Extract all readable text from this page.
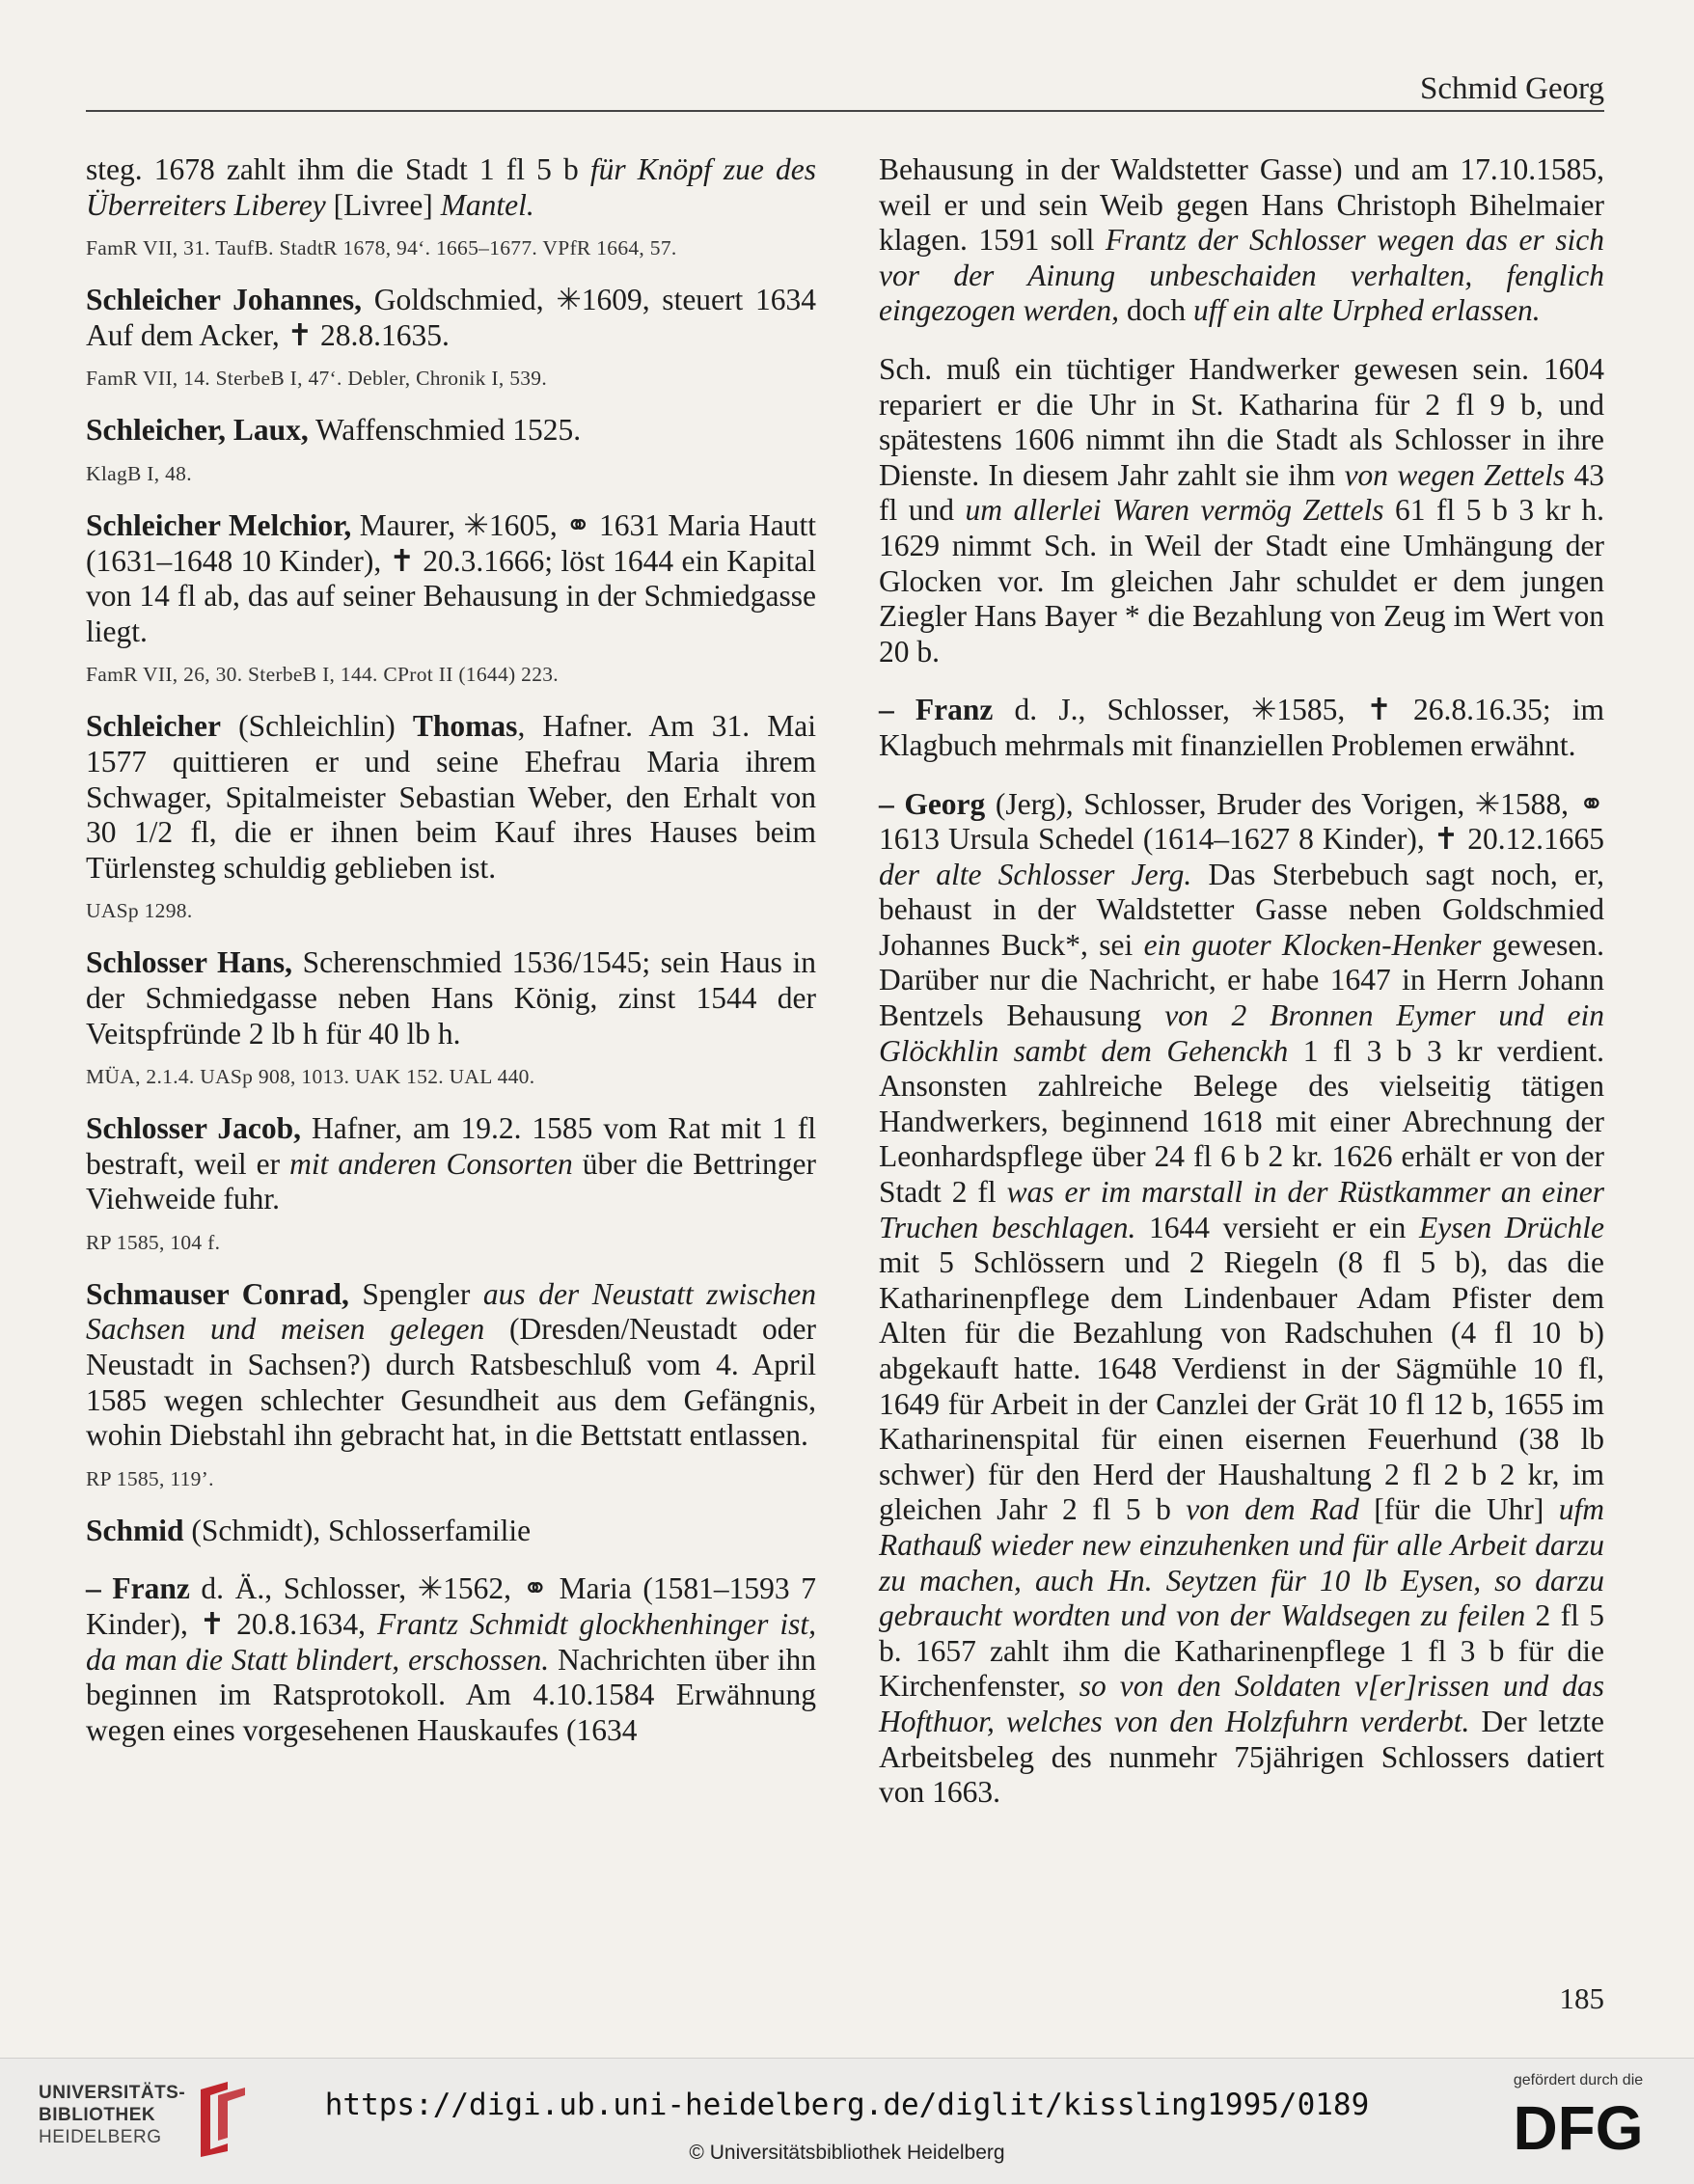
Schmid Georg
steg. 1678 zahlt ihm die Stadt 1 fl 5 b für Knöpf zue des Überreiters Liberey [Livree] Mantel.
FamR VII, 31. TaufB. StadtR 1678, 94‘. 1665–1677. VPfR 1664, 57.
Schleicher Johannes, Goldschmied, ✳1609, steuert 1634 Auf dem Acker, ✝ 28.8.1635.
FamR VII, 14. SterbeB I, 47‘. Debler, Chronik I, 539.
Schleicher, Laux, Waffenschmied 1525.
KlagB I, 48.
Schleicher Melchior, Maurer, ✳1605, ⚭ 1631 Maria Hautt (1631–1648 10 Kinder), ✝ 20.3.1666; löst 1644 ein Kapital von 14 fl ab, das auf seiner Behausung in der Schmiedgasse liegt.
FamR VII, 26, 30. SterbeB I, 144. CProt II (1644) 223.
Schleicher (Schleichlin) Thomas, Hafner. Am 31. Mai 1577 quittieren er und seine Ehefrau Maria ihrem Schwager, Spitalmeister Sebastian Weber, den Erhalt von 30 1/2 fl, die er ihnen beim Kauf ihres Hauses beim Türlensteg schuldig geblieben ist.
UASp 1298.
Schlosser Hans, Scherenschmied 1536/1545; sein Haus in der Schmiedgasse neben Hans König, zinst 1544 der Veitspfründe 2 lb h für 40 lb h.
MÜA, 2.1.4. UASp 908, 1013. UAK 152. UAL 440.
Schlosser Jacob, Hafner, am 19.2. 1585 vom Rat mit 1 fl bestraft, weil er mit anderen Consorten über die Bettringer Viehweide fuhr.
RP 1585, 104 f.
Schmauser Conrad, Spengler aus der Neustatt zwischen Sachsen und meisen gelegen (Dresden/Neustadt oder Neustadt in Sachsen?) durch Ratsbeschluß vom 4. April 1585 wegen schlechter Gesundheit aus dem Gefängnis, wohin Diebstahl ihn gebracht hat, in die Bettstatt entlassen.
RP 1585, 119’.
Schmid (Schmidt), Schlosserfamilie
– Franz d. Ä., Schlosser, ✳1562, ⚭ Maria (1581–1593 7 Kinder), ✝ 20.8.1634, Frantz Schmidt glockhenhinger ist, da man die Statt blindert, erschossen. Nachrichten über ihn beginnen im Ratsprotokoll. Am 4.10.1584 Erwähnung wegen eines vorgesehenen Hauskaufes (1634
Behausung in der Waldstetter Gasse) und am 17.10.1585, weil er und sein Weib gegen Hans Christoph Bihelmaier klagen. 1591 soll Frantz der Schlosser wegen das er sich vor der Ainung unbeschaiden verhalten, fenglich eingezogen werden, doch uff ein alte Urphed erlassen.
Sch. muß ein tüchtiger Handwerker gewesen sein. 1604 repariert er die Uhr in St. Katharina für 2 fl 9 b, und spätestens 1606 nimmt ihn die Stadt als Schlosser in ihre Dienste. In diesem Jahr zahlt sie ihm von wegen Zettels 43 fl und um allerlei Waren vermög Zettels 61 fl 5 b 3 kr h. 1629 nimmt Sch. in Weil der Stadt eine Umhängung der Glocken vor. Im gleichen Jahr schuldet er dem jungen Ziegler Hans Bayer * die Bezahlung von Zeug im Wert von 20 b.
– Franz d. J., Schlosser, ✳1585, ✝ 26.8.16.35; im Klagbuch mehrmals mit finanziellen Problemen erwähnt.
– Georg (Jerg), Schlosser, Bruder des Vorigen, ✳1588, ⚭ 1613 Ursula Schedel (1614–1627 8 Kinder), ✝ 20.12.1665 der alte Schlosser Jerg. Das Sterbebuch sagt noch, er, behaust in der Waldstetter Gasse neben Goldschmied Johannes Buck*, sei ein guoter Klocken-Henker gewesen. Darüber nur die Nachricht, er habe 1647 in Herrn Johann Bentzels Behausung von 2 Bronnen Eymer und ein Glöckhlin sambt dem Gehenckh 1 fl 3 b 3 kr verdient. Ansonsten zahlreiche Belege des vielseitig tätigen Handwerkers, beginnend 1618 mit einer Abrechnung der Leonhardspflege über 24 fl 6 b 2 kr. 1626 erhält er von der Stadt 2 fl was er im marstall in der Rüstkammer an einer Truchen beschlagen. 1644 versieht er ein Eysen Drüchle mit 5 Schlössern und 2 Riegeln (8 fl 5 b), das die Katharinenpflege dem Lindenbauer Adam Pfister dem Alten für die Bezahlung von Radschuhen (4 fl 10 b) abgekauft hatte. 1648 Verdienst in der Sägmühle 10 fl, 1649 für Arbeit in der Canzlei der Grät 10 fl 12 b, 1655 im Katharinenspital für einen eisernen Feuerhund (38 lb schwer) für den Herd der Haushaltung 2 fl 2 b 2 kr, im gleichen Jahr 2 fl 5 b von dem Rad [für die Uhr] ufm Rathauß wieder new einzuhenken und für alle Arbeit darzu zu machen, auch Hn. Seytzen für 10 lb Eysen, so darzu gebraucht wordten und von der Waldsegen zu feilen 2 fl 5 b. 1657 zahlt ihm die Katharinenpflege 1 fl 3 b für die Kirchenfenster, so von den Soldaten v[er]rissen und das Hofthuor, welches von den Holzfuhrn verderbt. Der letzte Arbeitsbeleg des nunmehr 75jährigen Schlossers datiert von 1663.
185
UNIVERSITÄTS-
BIBLIOTHEK
HEIDELBERG
https://digi.ub.uni-heidelberg.de/diglit/kissling1995/0189
© Universitätsbibliothek Heidelberg
gefördert durch die
DFG
